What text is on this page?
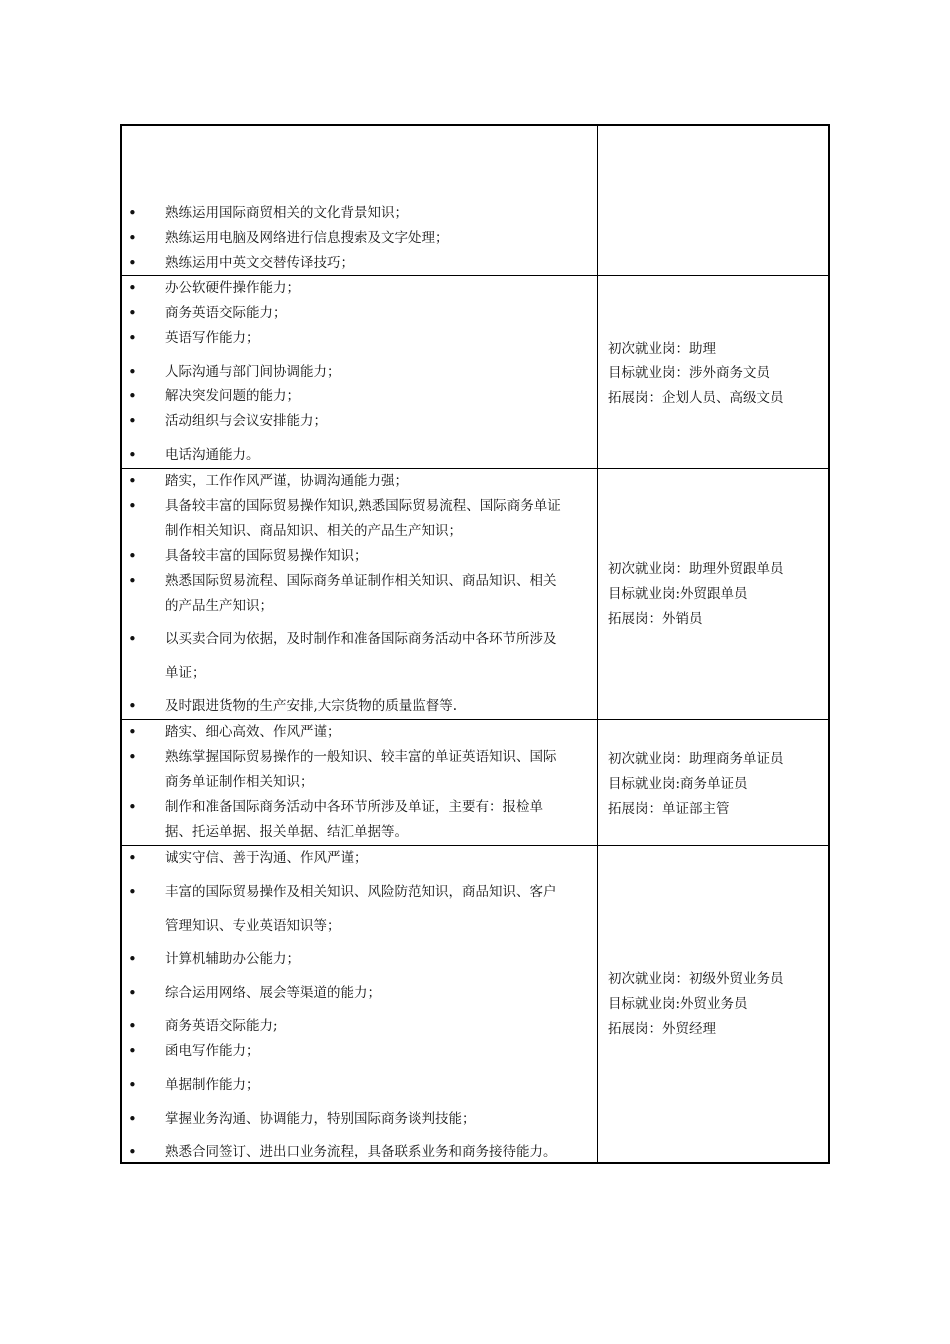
• 熟练运用国际商贸相关的文化背景知识；
• 熟练运用电脑及网络进行信息搜索及文字处理；
• 熟练运用中英文交替传译技巧；
• 办公软硬件操作能力；
• 商务英语交际能力；
• 英语写作能力；
• 人际沟通与部门间协调能力；
• 解决突发问题的能力；
• 活动组织与会议安排能力；
• 电话沟通能力。
初次就业岗：助理
目标就业岗：涉外商务文员
拓展岗：企划人员、高级文员
• 踏实，工作作风严谨，协调沟通能力强；
• 具备较丰富的国际贸易操作知识,熟悉国际贸易流程、国际商务单证
制作相关知识、商品知识、相关的产品生产知识；
• 具备较丰富的国际贸易操作知识；
• 熟悉国际贸易流程、国际商务单证制作相关知识、商品知识、相关
的产品生产知识；
• 以买卖合同为依据，及时制作和准备国际商务活动中各环节所涉及
单证；
• 及时跟进货物的生产安排,大宗货物的质量监督等.
初次就业岗：助理外贸跟单员
目标就业岗:外贸跟单员
拓展岗：外销员
• 踏实、细心高效、作风严谨；
• 熟练掌握国际贸易操作的一般知识、较丰富的单证英语知识、国际
商务单证制作相关知识；
• 制作和准备国际商务活动中各环节所涉及单证，主要有：报检单
据、托运单据、报关单据、结汇单据等。
初次就业岗：助理商务单证员
目标就业岗:商务单证员
拓展岗：单证部主管
• 诚实守信、善于沟通、作风严谨；
• 丰富的国际贸易操作及相关知识、风险防范知识，商品知识、客户
管理知识、专业英语知识等；
• 计算机辅助办公能力；
• 综合运用网络、展会等渠道的能力；
• 商务英语交际能力;
• 函电写作能力；
• 单据制作能力；
• 掌握业务沟通、协调能力，特别国际商务谈判技能；
• 熟悉合同签订、进出口业务流程，具备联系业务和商务接待能力。
初次就业岗：初级外贸业务员
目标就业岗:外贸业务员
拓展岗：外贸经理
